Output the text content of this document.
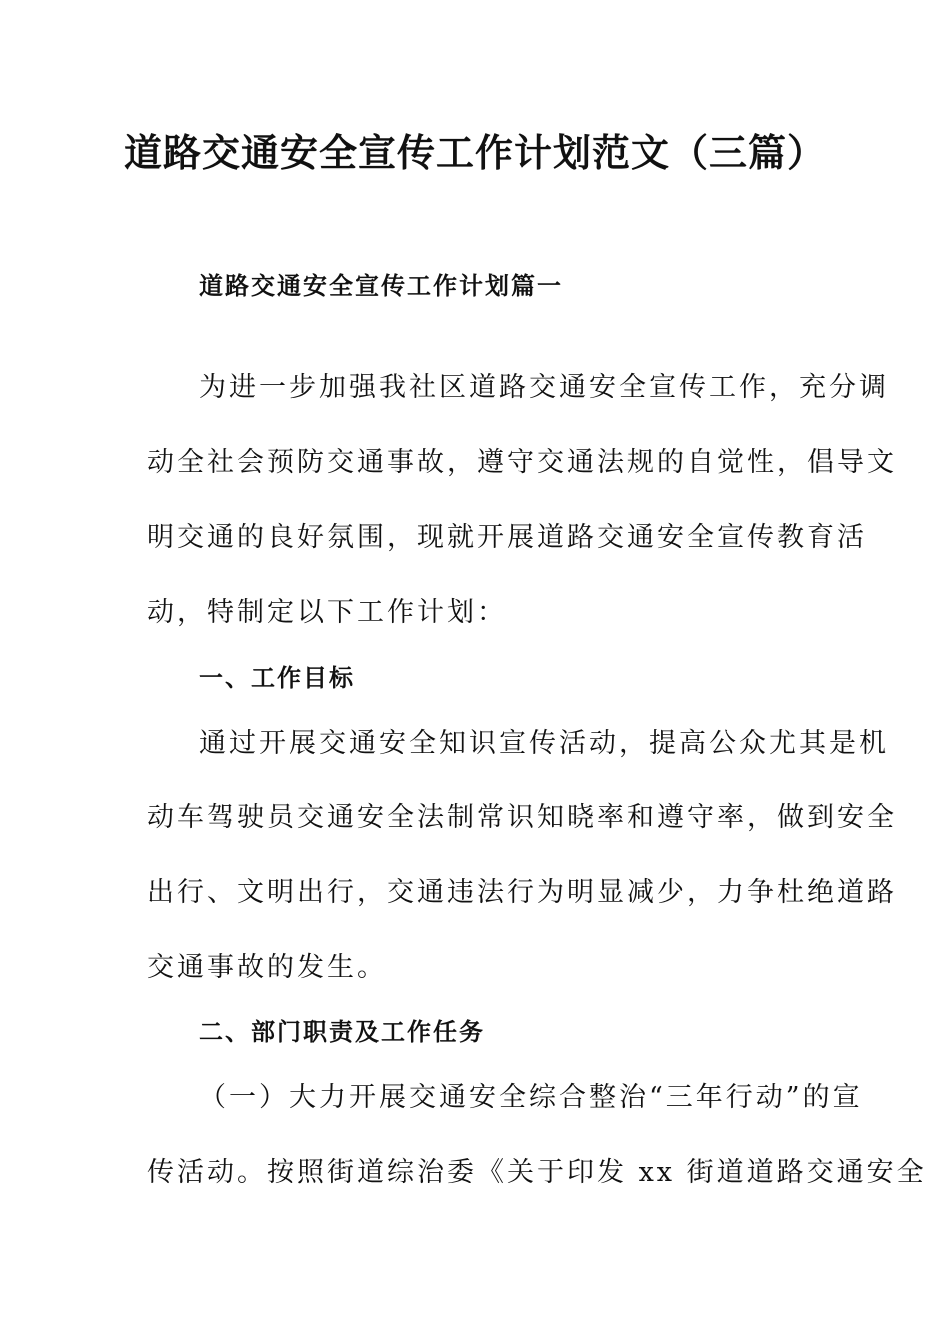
道路交通安全宣传工作计划范文（三篇）
道路交通安全宣传工作计划篇一
为进一步加强我社区道路交通安全宣传工作，充分调
动全社会预防交通事故，遵守交通法规的自觉性，倡导文
明交通的良好氛围，现就开展道路交通安全宣传教育活
动，特制定以下工作计划：
一、工作目标
通过开展交通安全知识宣传活动，提高公众尤其是机
动车驾驶员交通安全法制常识知晓率和遵守率，做到安全
出行、文明出行，交通违法行为明显减少，力争杜绝道路
交通事故的发生。
二、部门职责及工作任务
（一）大力开展交通安全综合整治“三年行动”的宣
传活动。按照街道综治委《关于印发 xx 街道道路交通安全
